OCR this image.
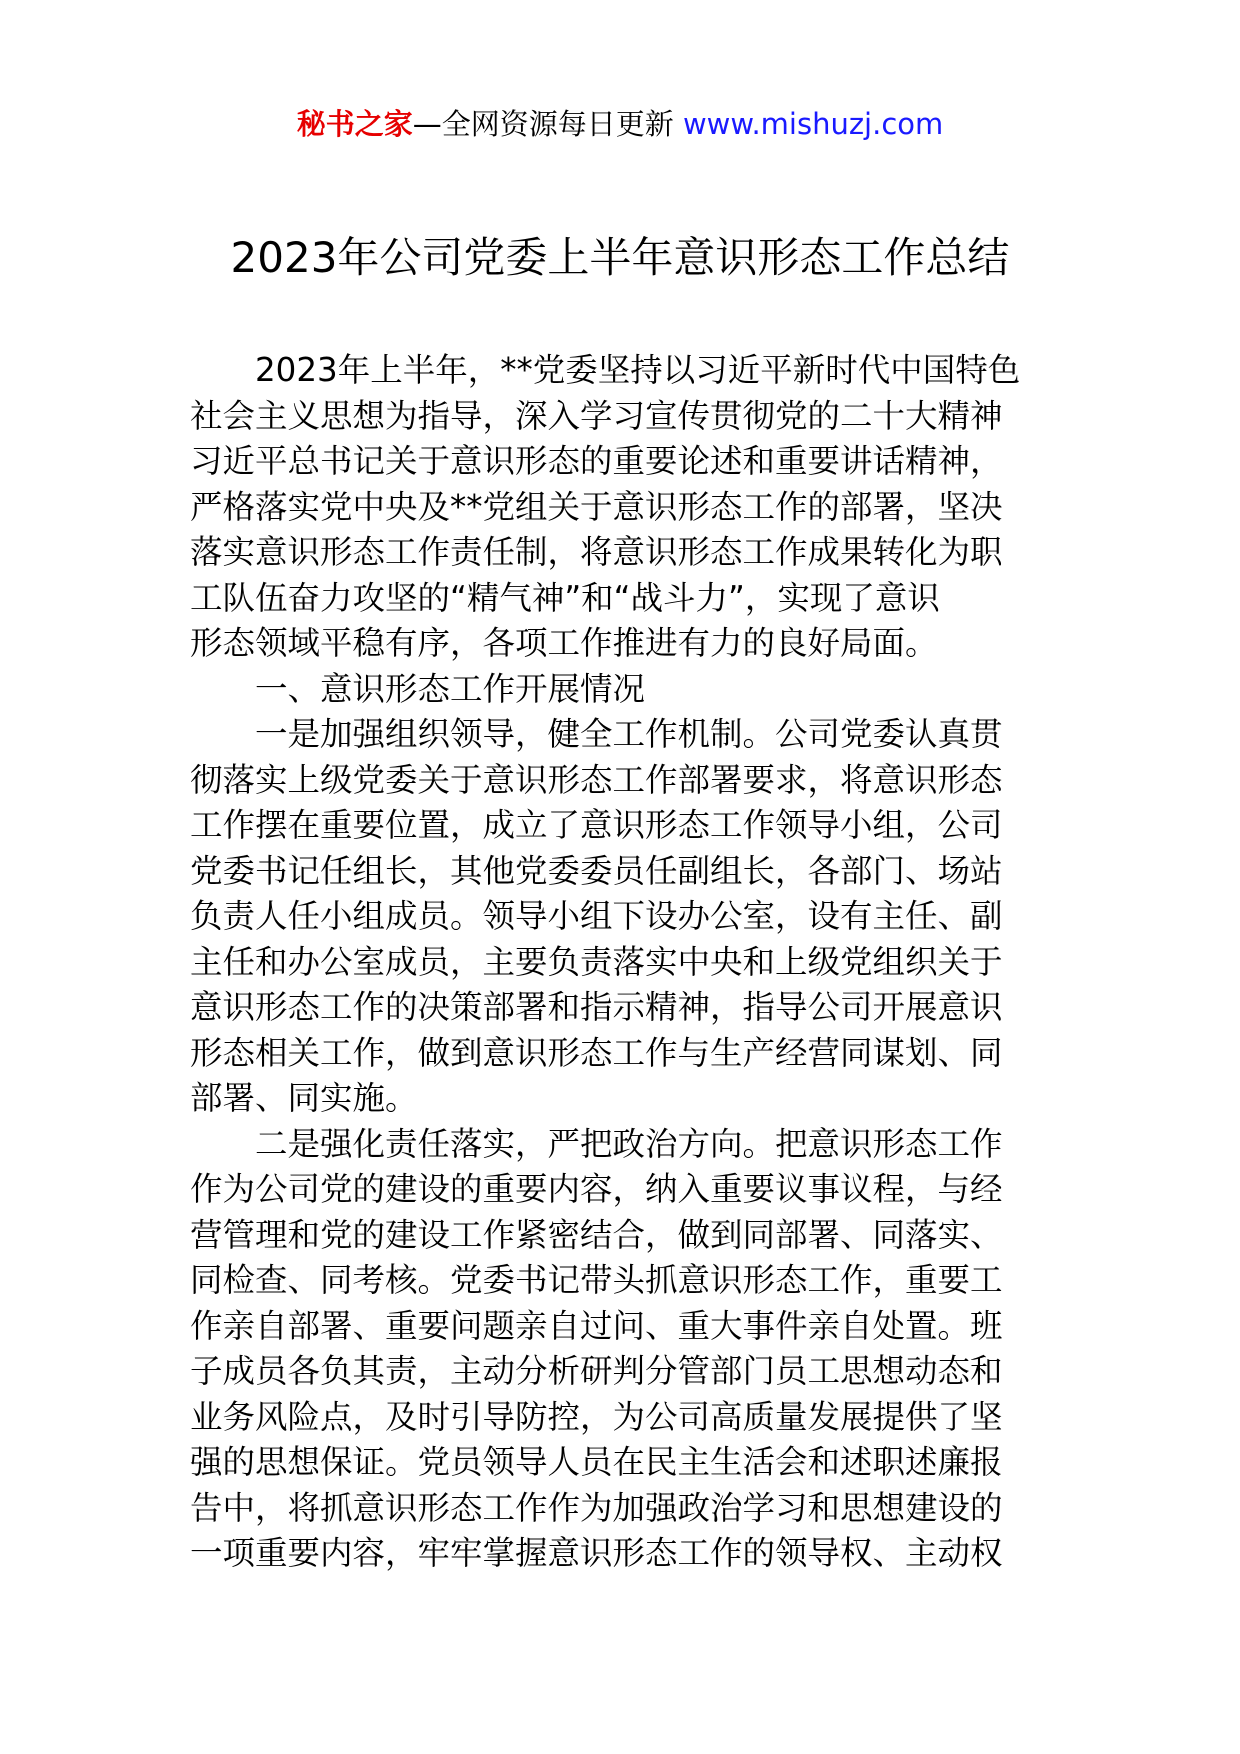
秘书之家—全网资源每日更新 www.mishuzj.com
2023年公司党委上半年意识形态工作总结
　　2023年上半年，**党委坚持以习近平新时代中国特色
社会主义思想为指导，深入学习宣传贯彻党的二十大精神
习近平总书记关于意识形态的重要论述和重要讲话精神，
严格落实党中央及**党组关于意识形态工作的部署，坚决
落实意识形态工作责任制，将意识形态工作成果转化为职
工队伍奋力攻坚的“精气神”和“战斗力”，实现了意识
形态领域平稳有序，各项工作推进有力的良好局面。
　　一、意识形态工作开展情况
　　一是加强组织领导，健全工作机制。公司党委认真贯
彻落实上级党委关于意识形态工作部署要求，将意识形态
工作摆在重要位置，成立了意识形态工作领导小组，公司
党委书记任组长，其他党委委员任副组长，各部门、场站
负责人任小组成员。领导小组下设办公室，设有主任、副
主任和办公室成员，主要负责落实中央和上级党组织关于
意识形态工作的决策部署和指示精神，指导公司开展意识
形态相关工作，做到意识形态工作与生产经营同谋划、同
部署、同实施。
　　二是强化责任落实，严把政治方向。把意识形态工作
作为公司党的建设的重要内容，纳入重要议事议程，与经
营管理和党的建设工作紧密结合，做到同部署、同落实、
同检查、同考核。党委书记带头抓意识形态工作，重要工
作亲自部署、重要问题亲自过问、重大事件亲自处置。班
子成员各负其责，主动分析研判分管部门员工思想动态和
业务风险点，及时引导防控，为公司高质量发展提供了坚
强的思想保证。党员领导人员在民主生活会和述职述廉报
告中，将抓意识形态工作作为加强政治学习和思想建设的
一项重要内容，牢牢掌握意识形态工作的领导权、主动权
